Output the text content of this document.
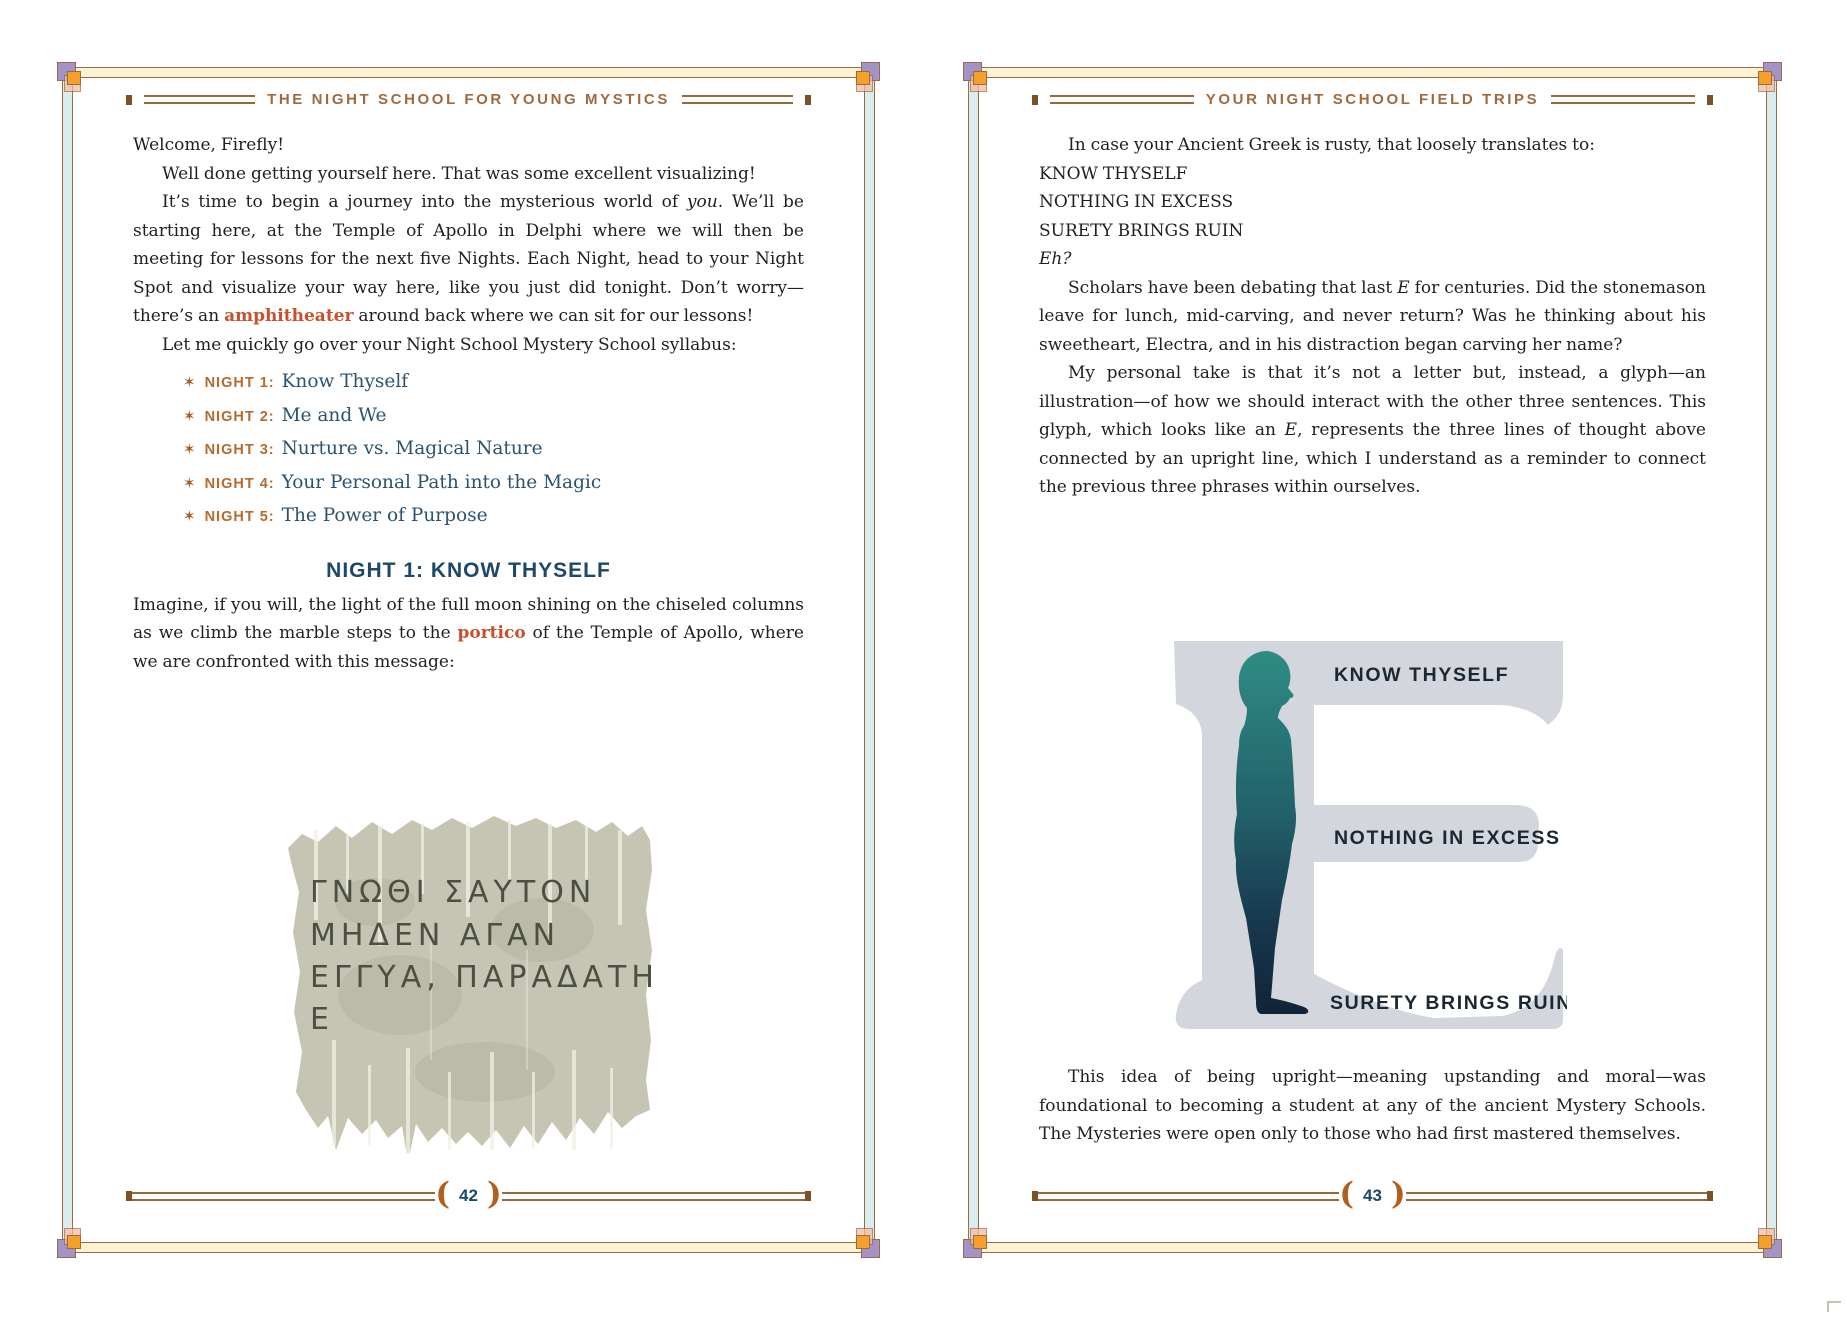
THE NIGHT SCHOOL FOR YOUNG MYSTICS

Welcome, Firefly!

Well done getting yourself here. That was some excellent visualizing!

It’s time to begin a journey into the mysterious world of you. We’ll be starting here, at the Temple of Apollo in Delphi where we will then be meeting for lessons for the next five Nights. Each Night, head to your Night Spot and visualize your way here, like you just did tonight. Don’t worry—there’s an amphitheater around back where we can sit for our lessons!

Let me quickly go over your Night School Mystery School syllabus:

✶ NIGHT 1: Know Thyself
✶ NIGHT 2: Me and We
✶ NIGHT 3: Nurture vs. Magical Nature
✶ NIGHT 4: Your Personal Path into the Magic
✶ NIGHT 5: The Power of Purpose
NIGHT 1: KNOW THYSELF

Imagine, if you will, the light of the full moon shining on the chiseled columns as we climb the marble steps to the portico of the Temple of Apollo, where we are confronted with this message:

ΓΝΩΘΙ ΣΑΥΤΟΝ
ΜΗΔΕΝ ΑΓΑΝ
ΕΓΓΥΑ, ΠΑΡΑΔΑΤΗ
Ε
( 42 )
YOUR NIGHT SCHOOL FIELD TRIPS

In case your Ancient Greek is rusty, that loosely translates to:

KNOW THYSELF

NOTHING IN EXCESS

SURETY BRINGS RUIN

Eh?

Scholars have been debating that last E for centuries. Did the stonemason leave for lunch, mid-carving, and never return? Was he thinking about his sweetheart, Electra, and in his distraction began carving her name?

My personal take is that it’s not a letter but, instead, a glyph—an illustration—of how we should interact with the other three sentences. This glyph, which looks like an E, represents the three lines of thought above connected by an upright line, which I understand as a reminder to connect the previous three phrases within ourselves.

KNOW THYSELF
NOTHING IN EXCESS
SURETY BRINGS RUIN

This idea of being upright—meaning upstanding and moral—was foundational to becoming a student at any of the ancient Mystery Schools. The Mysteries were open only to those who had first mastered themselves.

( 43 )
